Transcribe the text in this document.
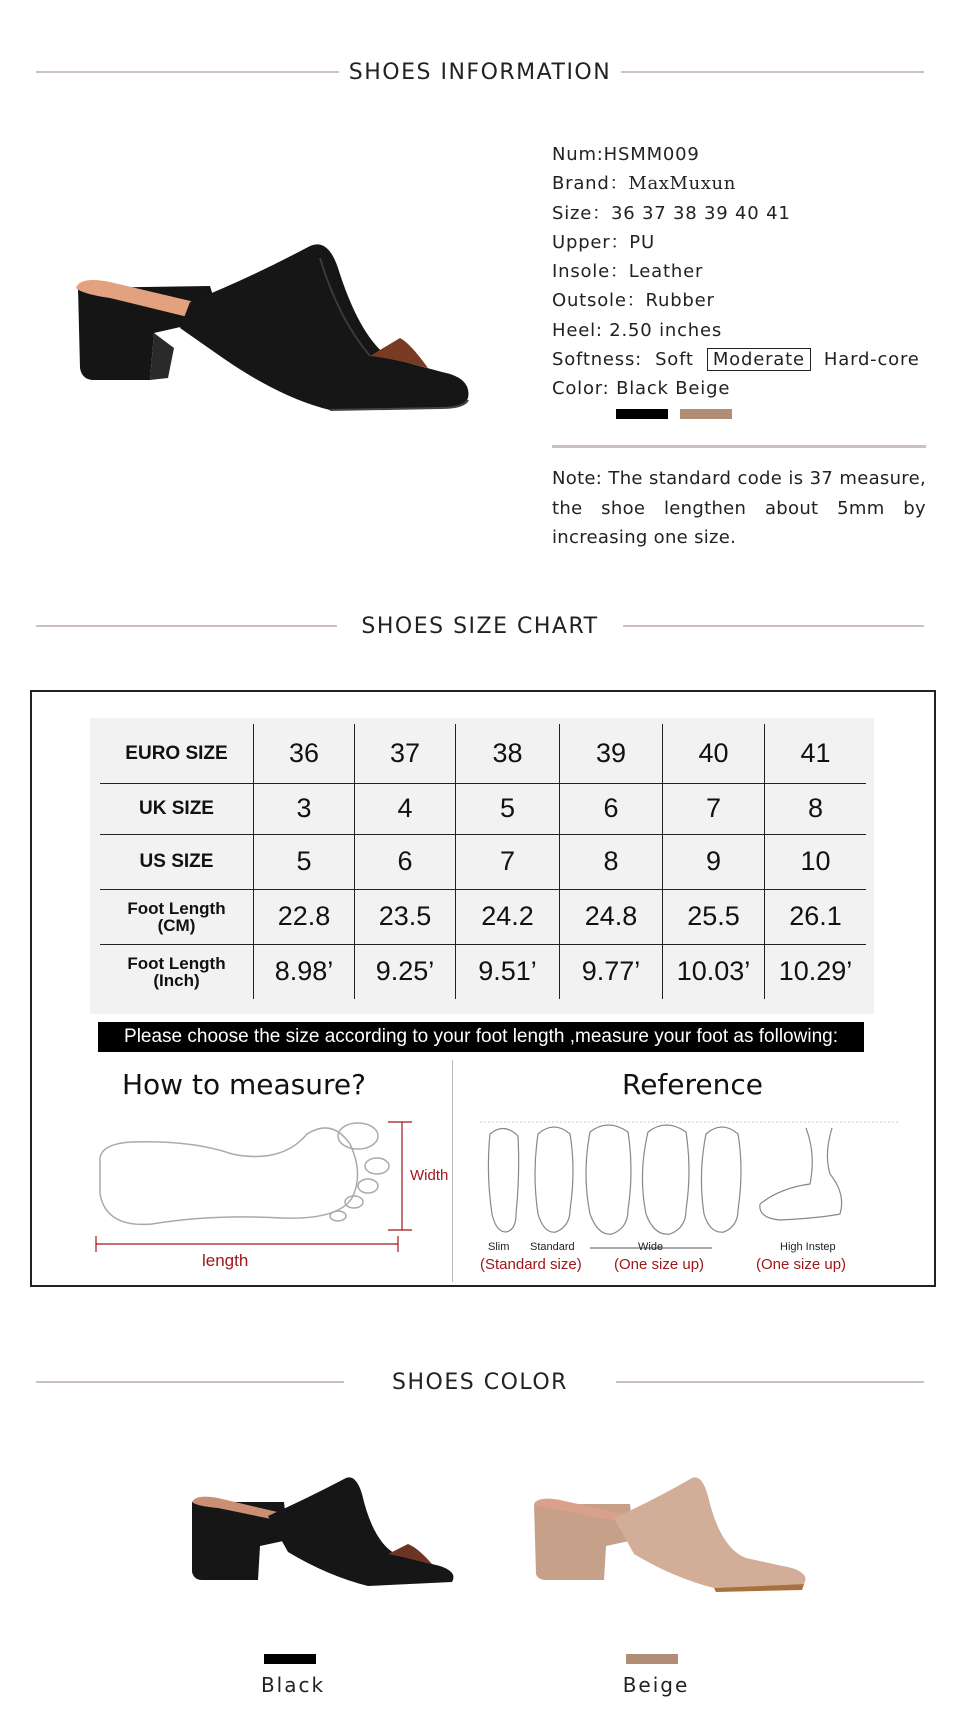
SHOES INFORMATION
Num:HSMM009
Brand：MaxMuxun
Size：36 37 38 39 40 41
Upper：PU
Insole：Leather
Outsole：Rubber
Heel: 2.50 inches
Softness: Soft Moderate Hard-core
Color: Black Beige
Note: The standard code is 37 measure, the shoe lengthen about 5mm by increasing one size.
SHOES SIZE CHART
EURO SIZE	36	37	38	39	40	41
UK SIZE	3	4	5	6	7	8
US SIZE	5	6	7	8	9	10

Foot Length
(CM)	22.8	23.5	24.2	24.8	25.5	26.1

Foot Length
(Inch)	8.98’	9.25’	9.51’	9.77’	10.03’	10.29’
Please choose the size according to your foot length ,measure your foot as following:
How to measure?	Reference
Width
length
Slim Standard	Wide	High Instep
(Standard size) (One size up)	(One size up)
SHOES COLOR
Black	Beige
